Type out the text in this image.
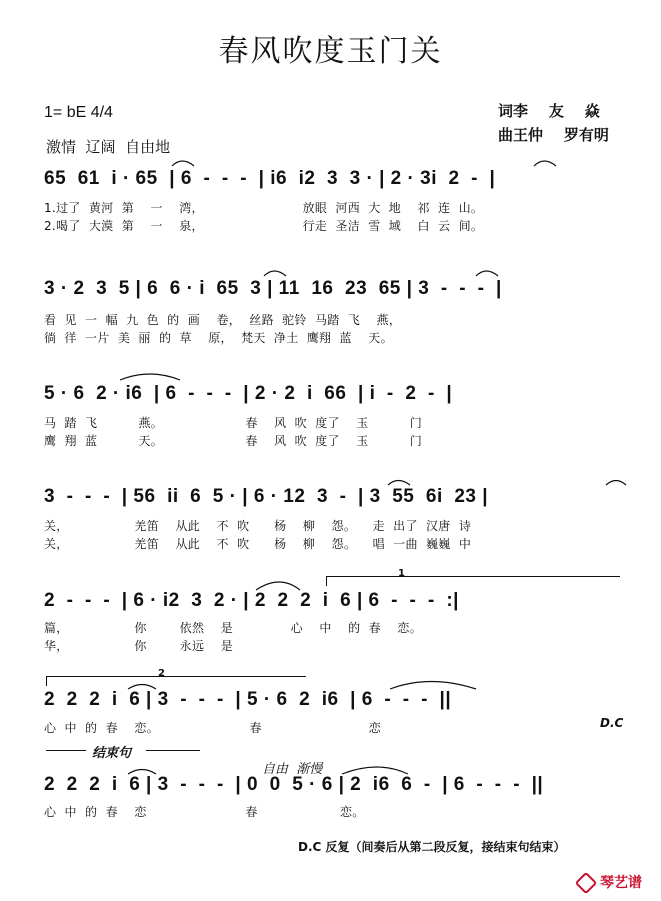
春风吹度玉门关
1= bE 4/4	词李    友    焱
曲王仲    罗有明
激情  辽阔  自由地
65  61  i · 65  | 6  -  -  -  | i6  i2  3  3 · | 2 · 3i  2  -  |
1.过了  黄河  第    一    湾，                        放眼  河西  大  地    祁  连  山。
2.喝了  大漠  第    一    泉，                        行走  圣洁  雪  域    白  云  间。
3 · 2  3  5 | 6  6 · i  65  3 | 11  16  23  65 | 3  -  -  -  |
看  见  一  幅  九  色  的  画    卷，  丝路  驼铃  马踏  飞    燕，
徜  徉  一片  美  丽  的  草    原，  梵天  净土  鹰翔  蓝    天。
5 · 6  2 · i6  | 6  -  -  -  | 2 · 2  i  66  | i  -  2  -  |
马  踏  飞          燕。                    春    风  吹  度了    玉          门
鹰  翔  蓝          天。                    春    风  吹  度了    玉          门
3  -  -  -  | 56  ii  6  5 · | 6 · 12  3  -  | 3  55  6i  23 |
关，                羌笛    从此    不  吹      杨    柳    怨。    走  出了  汉唐  诗
关，                羌笛    从此    不  吹      杨    柳    怨。    唱  一曲  巍巍  中
1
2  -  -  -  | 6 · i2  3  2 · | 2  2  2  i  6 | 6  -  -  -  :|
篇，                你        依然    是              心    中    的  春    恋。
华，                你        永远    是
2
2  2  2  i  6 | 3  -  -  -  | 5 · 6  2  i6  | 6  -  -  -  ||
心  中  的  春    恋。                      春                          恋	D.C
结束句
自由  渐慢
2  2  2  i  6 | 3  -  -  -  | 0  0  5 · 6 | 2  i6  6  -  | 6  -  -  -  ||
心  中  的  春    恋                        春                    恋。
D.C 反复（间奏后从第二段反复，接结束句结束）
琴艺谱
